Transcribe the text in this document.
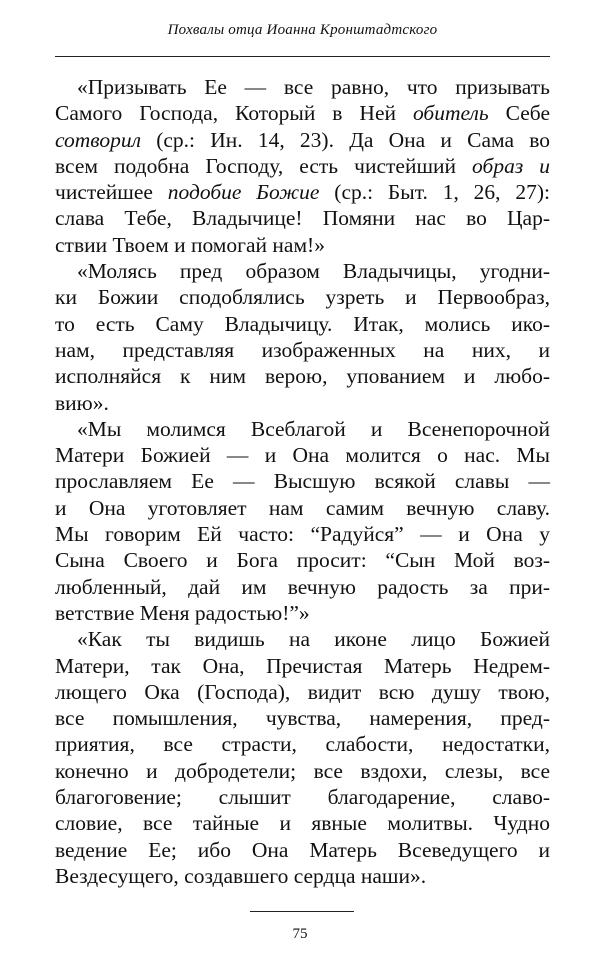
Похвалы отца Иоанна Кронштадтского
«Призывать Ее — все равно, что призывать
Самого Господа, Который в Ней обитель Себе
сотворил (ср.: Ин. 14, 23). Да Она и Сама во
всем подобна Господу, есть чистейший образ и
чистейшее подобие Божие (ср.: Быт. 1, 26, 27):
слава Тебе, Владычице! Помяни нас во Цар-
ствии Твоем и помогай нам!»
«Молясь пред образом Владычицы, угодни-
ки Божии сподоблялись узреть и Первообраз,
то есть Саму Владычицу. Итак, молись ико-
нам, представляя изображенных на них, и
исполняйся к ним верою, упованием и любо-
вию».
«Мы молимся Всеблагой и Всенепорочной
Матери Божией — и Она молится о нас. Мы
прославляем Ее — Высшую всякой славы —
и Она уготовляет нам самим вечную славу.
Мы говорим Ей часто: “Радуйся” — и Она у
Сына Своего и Бога просит: “Сын Мой воз-
любленный, дай им вечную радость за при-
ветствие Меня радостью!”»
«Как ты видишь на иконе лицо Божией
Матери, так Она, Пречистая Матерь Недрем-
лющего Ока (Господа), видит всю душу твою,
все помышления, чувства, намерения, пред-
приятия, все страсти, слабости, недостатки,
конечно и добродетели; все вздохи, слезы, все
благоговение; слышит благодарение, славо-
словие, все тайные и явные молитвы. Чудно
ведение Ее; ибо Она Матерь Всеведущего и
Вездесущего, создавшего сердца наши».
75
